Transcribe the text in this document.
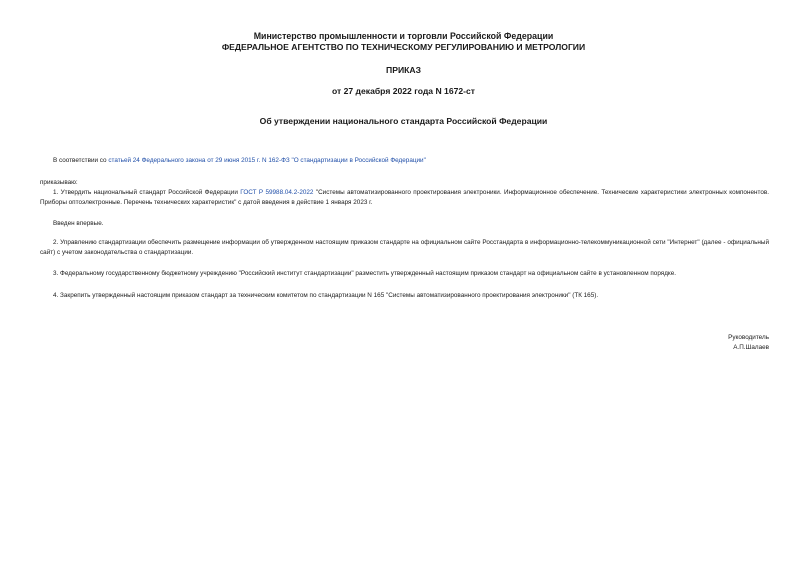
Министерство промышленности и торговли Российской Федерации
ФЕДЕРАЛЬНОЕ АГЕНТСТВО ПО ТЕХНИЧЕСКОМУ РЕГУЛИРОВАНИЮ И МЕТРОЛОГИИ
ПРИКАЗ
от 27 декабря 2022 года N 1672-ст
Об утверждении национального стандарта Российской Федерации
В соответствии со статьей 24 Федерального закона от 29 июня 2015 г. N 162-ФЗ "О стандартизации в Российской Федерации"
приказываю:
1. Утвердить национальный стандарт Российской Федерации ГОСТ Р 59988.04.2-2022 "Системы автоматизированного проектирования электроники. Информационное обеспечение. Технические характеристики электронных компонентов. Приборы оптоэлектронные. Перечень технических характеристик" с датой введения в действие 1 января 2023 г.
Введен впервые.
2. Управлению стандартизации обеспечить размещение информации об утвержденном настоящим приказом стандарте на официальном сайте Росстандарта в информационно-телекоммуникационной сети "Интернет" (далее - официальный сайт) с учетом законодательства о стандартизации.
3. Федеральному государственному бюджетному учреждению "Российский институт стандартизации" разместить утвержденный настоящим приказом стандарт на официальном сайте в установленном порядке.
4. Закрепить утвержденный настоящим приказом стандарт за техническим комитетом по стандартизации N 165 "Системы автоматизированного проектирования электроники" (ТК 165).
Руководитель
А.П.Шалаев
